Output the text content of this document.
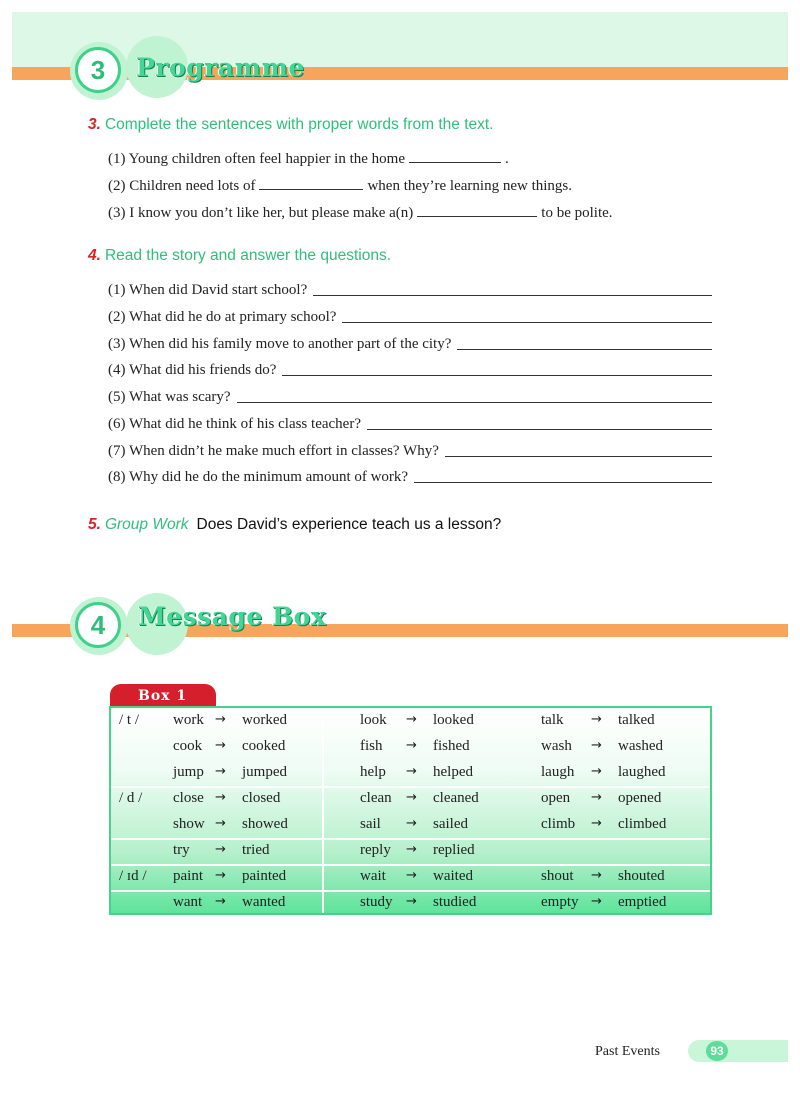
3	Programme
3. Complete the sentences with proper words from the text.
(1) Young children often feel happier in the home	.
(2) Children need lots of	when they’re learning new things.
(3) I know you don’t like her, but please make a(n)	to be polite.
4. Read the story and answer the questions.
(1) When did David start school?
(2) What did he do at primary school?
(3) When did his family move to another part of the city?
(4) What did his friends do?
(5) What was scary?
(6) What did he think of his class teacher?
(7) When didn’t he make much effort in classes? Why?
(8) Why did he do the minimum amount of work?
5. Group Work Does David’s experience teach us a lesson?
4	Message Box
Box 1
/ t / work → worked	look → looked	talk → talked
cook → cooked	fish → fished	wash → washed
jump → jumped	help → helped	laugh → laughed
/ d / close → closed	clean → cleaned	open → opened
show → showed	sail → sailed	climb → climbed
try → tried	reply → replied
/ ɪd / paint → painted	wait → waited	shout → shouted
want → wanted	study → studied	empty → emptied
Past Events	93
